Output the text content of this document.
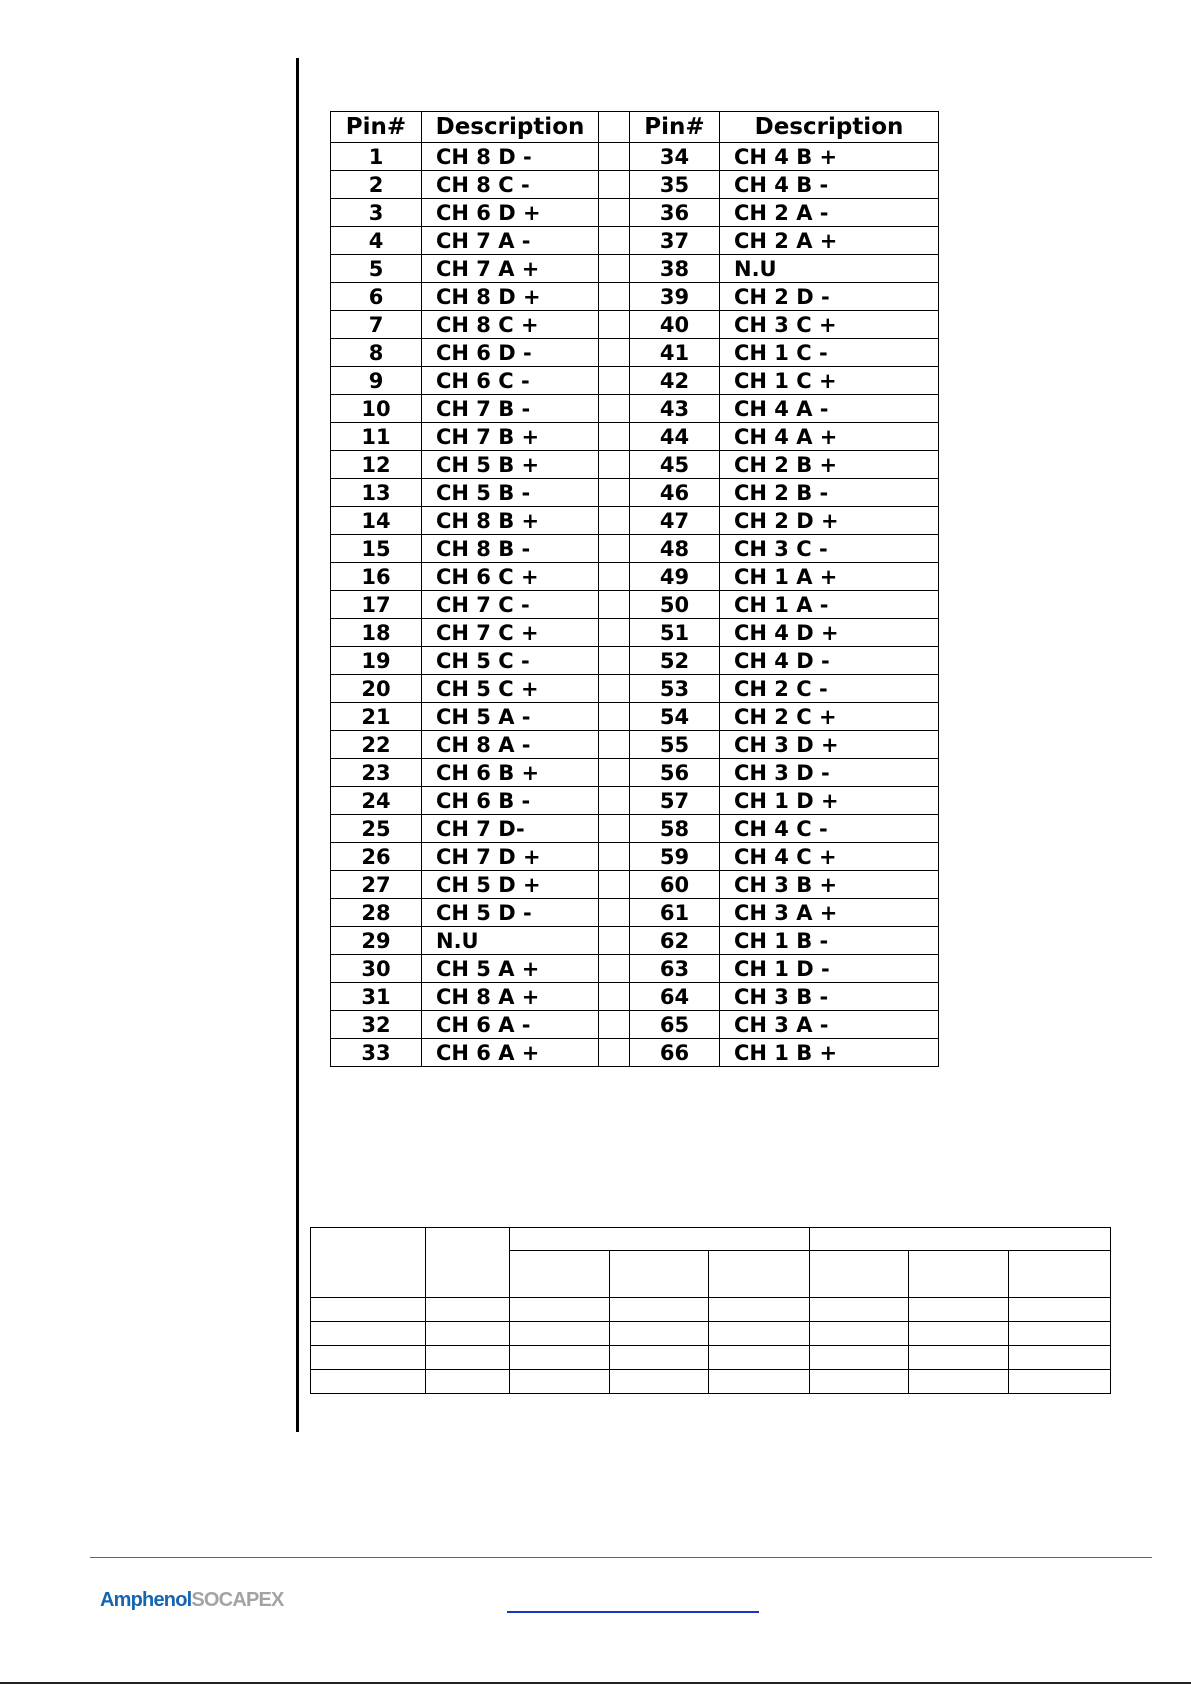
Pin#	Description		Pin#	Description
1	CH 8 D -		34	CH 4 B +
2	CH 8 C -		35	CH 4 B -
3	CH 6 D +		36	CH 2 A -
4	CH 7 A -		37	CH 2 A +
5	CH 7 A +		38	N.U
6	CH 8 D +		39	CH 2 D -
7	CH 8 C +		40	CH 3 C +
8	CH 6 D -		41	CH 1 C -
9	CH 6 C -		42	CH 1 C +
10	CH 7 B -		43	CH 4 A -
11	CH 7 B +		44	CH 4 A +
12	CH 5 B +		45	CH 2 B +
13	CH 5 B -		46	CH 2 B -
14	CH 8 B +		47	CH 2 D +
15	CH 8 B -		48	CH 3 C -
16	CH 6 C +		49	CH 1 A +
17	CH 7 C -		50	CH 1 A -
18	CH 7 C +		51	CH 4 D +
19	CH 5 C -		52	CH 4 D -
20	CH 5 C +		53	CH 2 C -
21	CH 5 A -		54	CH 2 C +
22	CH 8 A -		55	CH 3 D +
23	CH 6 B +		56	CH 3 D -
24	CH 6 B -		57	CH 1 D +
25	CH 7 D-		58	CH 4 C -
26	CH 7 D +		59	CH 4 C +
27	CH 5 D +		60	CH 3 B +
28	CH 5 D -		61	CH 3 A +
29	N.U		62	CH 1 B -
30	CH 5 A +		63	CH 1 D -
31	CH 8 A +		64	CH 3 B -
32	CH 6 A -		65	CH 3 A -
33	CH 6 A +		66	CH 1 B +

AmphenolSOCAPEX
